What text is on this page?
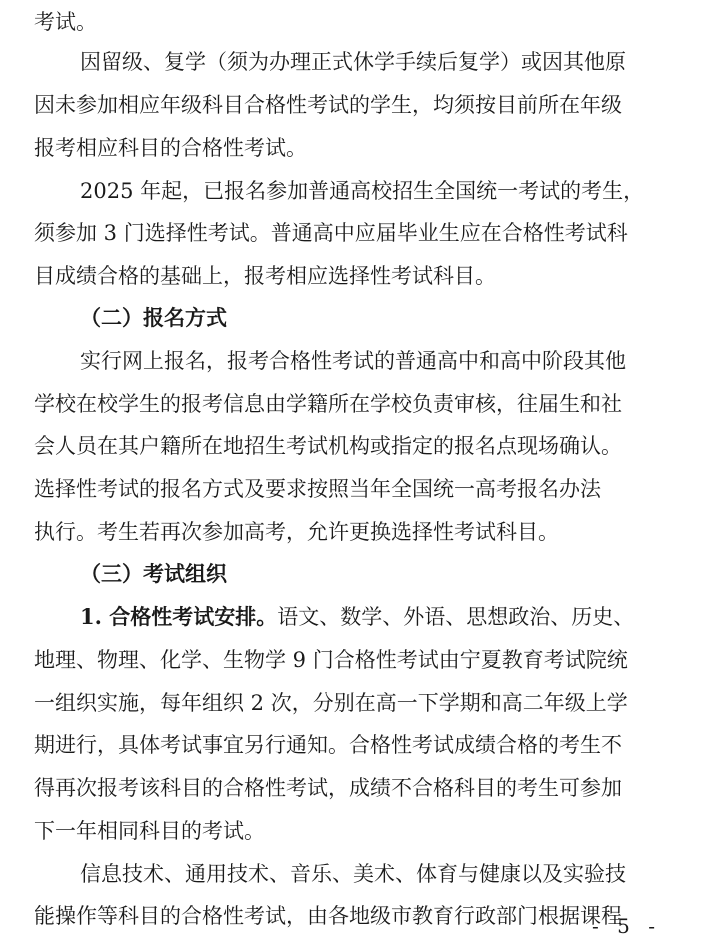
考试。
因留级、复学（须为办理正式休学手续后复学）或因其他原
因未参加相应年级科目合格性考试的学生，均须按目前所在年级
报考相应科目的合格性考试。
2025 年起，已报名参加普通高校招生全国统一考试的考生，
须参加 3 门选择性考试。普通高中应届毕业生应在合格性考试科
目成绩合格的基础上，报考相应选择性考试科目。
（二）报名方式
实行网上报名，报考合格性考试的普通高中和高中阶段其他
学校在校学生的报考信息由学籍所在学校负责审核，往届生和社
会人员在其户籍所在地招生考试机构或指定的报名点现场确认。
选择性考试的报名方式及要求按照当年全国统一高考报名办法
执行。考生若再次参加高考，允许更换选择性考试科目。
（三）考试组织
1. 合格性考试安排。语文、数学、外语、思想政治、历史、
地理、物理、化学、生物学 9 门合格性考试由宁夏教育考试院统
一组织实施，每年组织 2 次，分别在高一下学期和高二年级上学
期进行，具体考试事宜另行通知。合格性考试成绩合格的考生不
得再次报考该科目的合格性考试，成绩不合格科目的考生可参加
下一年相同科目的考试。
信息技术、通用技术、音乐、美术、体育与健康以及实验技
能操作等科目的合格性考试，由各地级市教育行政部门根据课程
- 5 -
